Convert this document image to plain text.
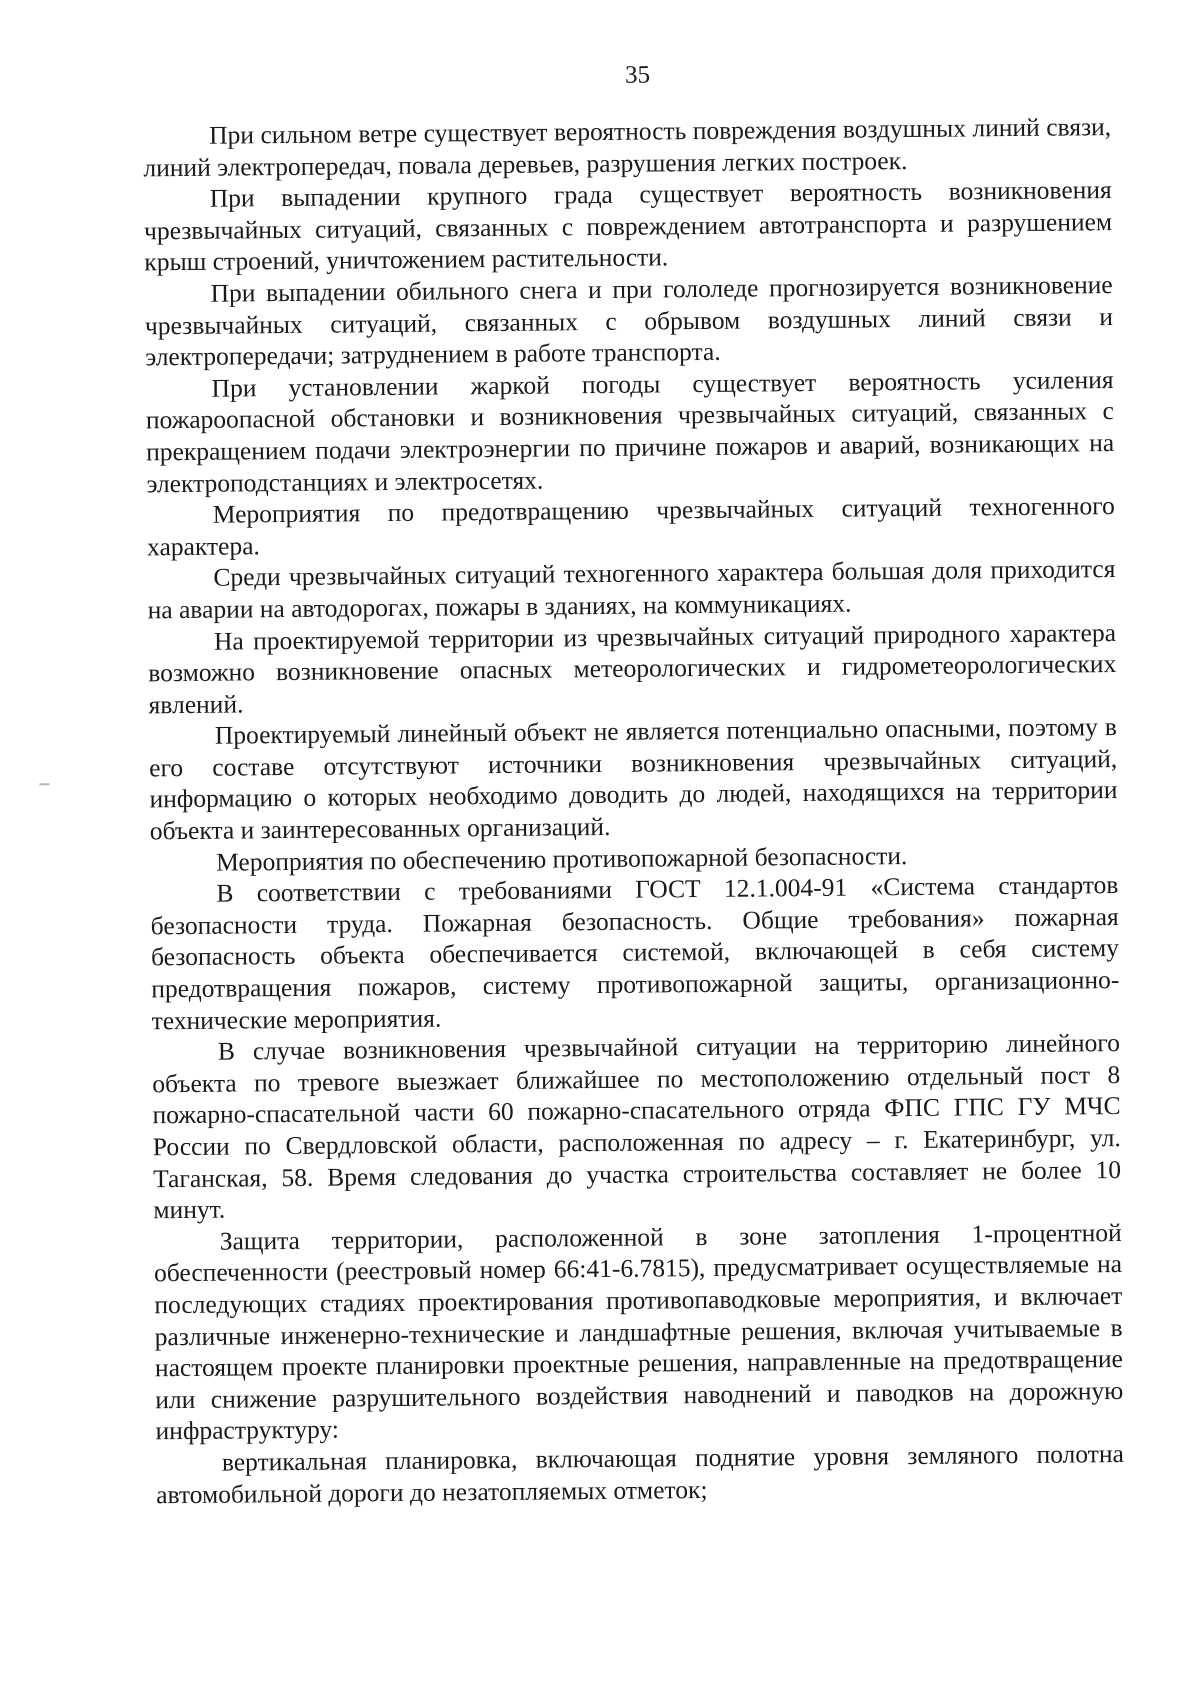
35

При сильном ветре существует вероятность повреждения воздушных линий связи, линий электропередач, повала деревьев, разрушения легких построек.

При выпадении крупного града существует вероятность возникновения чрезвычайных ситуаций, связанных с повреждением автотранспорта и разрушением крыш строений, уничтожением растительности.

При выпадении обильного снега и при гололеде прогнозируется возникновение чрезвычайных ситуаций, связанных с обрывом воздушных линий связи и электропередачи; затруднением в работе транспорта.

При установлении жаркой погоды существует вероятность усиления пожароопасной обстановки и возникновения чрезвычайных ситуаций, связанных с прекращением подачи электроэнергии по причине пожаров и аварий, возникающих на электроподстанциях и электросетях.

Мероприятия по предотвращению чрезвычайных ситуаций техногенного характера.

Среди чрезвычайных ситуаций техногенного характера большая доля приходится на аварии на автодорогах, пожары в зданиях, на коммуникациях.

На проектируемой территории из чрезвычайных ситуаций природного характера возможно возникновение опасных метеорологических и гидрометеорологических явлений.

Проектируемый линейный объект не является потенциально опасными, поэтому в его составе отсутствуют источники возникновения чрезвычайных ситуаций, информацию о которых необходимо доводить до людей, находящихся на территории объекта и заинтересованных организаций.

Мероприятия по обеспечению противопожарной безопасности.

В соответствии с требованиями ГОСТ 12.1.004-91 «Система стандартов безопасности труда. Пожарная безопасность. Общие требования» пожарная безопасность объекта обеспечивается системой, включающей в себя систему предотвращения пожаров, систему противопожарной защиты, организационно-технические мероприятия.

В случае возникновения чрезвычайной ситуации на территорию линейного объекта по тревоге выезжает ближайшее по местоположению отдельный пост 8 пожарно-спасательной части 60 пожарно-спасательного отряда ФПС ГПС ГУ МЧС России по Свердловской области, расположенная по адресу – г. Екатеринбург, ул. Таганская, 58. Время следования до участка строительства составляет не более 10 минут.

Защита территории, расположенной в зоне затопления 1-процентной обеспеченности (реестровый номер 66:41-6.7815), предусматривает осуществляемые на последующих стадиях проектирования противопаводковые мероприятия, и включает различные инженерно-технические и ландшафтные решения, включая учитываемые в настоящем проекте планировки проектные решения, направленные на предотвращение или снижение разрушительного воздействия наводнений и паводков на дорожную инфраструктуру:

вертикальная планировка, включающая поднятие уровня земляного полотна автомобильной дороги до незатопляемых отметок;
